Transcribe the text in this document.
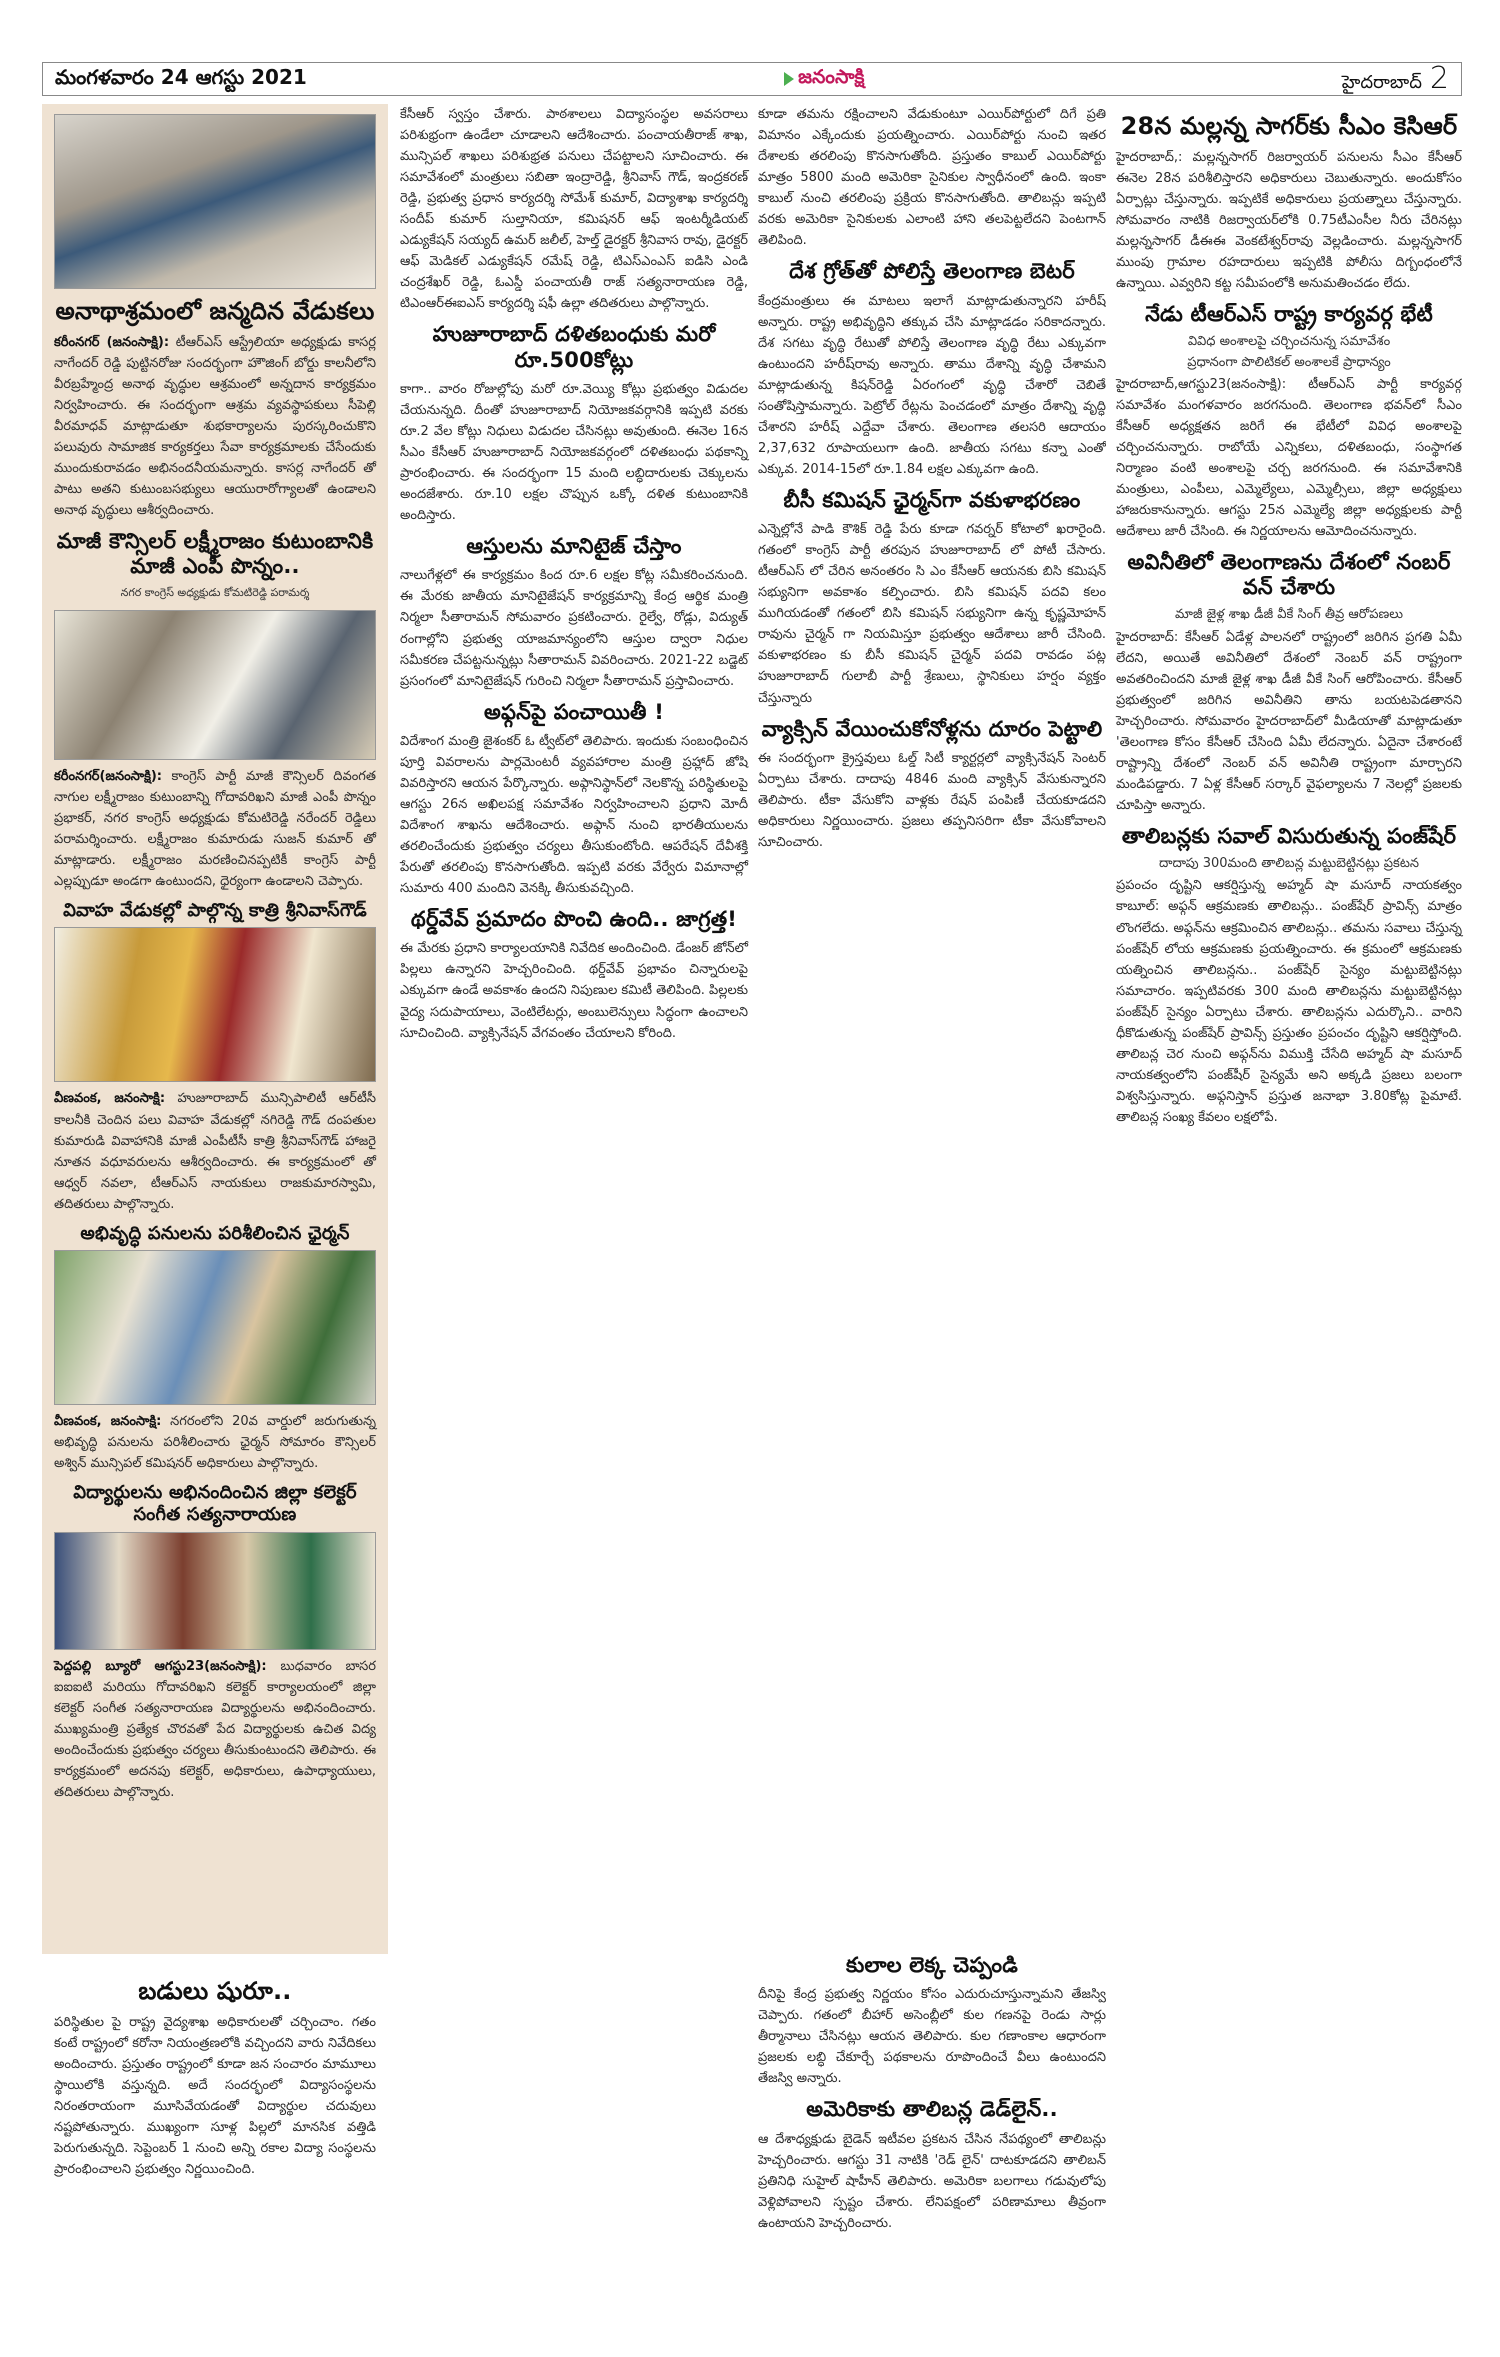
మంగళవారం 24 ఆగస్టు 2021	జనంసాక్షి	హైదరాబాద్ 2
అనాథాశ్రమంలో జన్మదిన వేడుకలు
కరీంనగర్ (జనంసాక్షి): టీఆర్ఎస్ ఆస్ట్రేలియా అధ్యక్షుడు కాసర్ల నాగేందర్ రెడ్డి పుట్టినరోజు సందర్భంగా హౌజింగ్ బోర్డు కాలనీలోని వీరబ్రహ్మేంద్ర అనాథ వృద్ధుల ఆశ్రమంలో అన్నదాన కార్యక్రమం నిర్వహించారు. ఈ సందర్భంగా ఆశ్రమ వ్యవస్థాపకులు సీపెల్లి వీరమాధవ్ మాట్లాడుతూ శుభకార్యాలను పురస్కరించుకొని పలువురు సామాజిక కార్యకర్తలు సేవా కార్యక్రమాలకు చేసేందుకు ముందుకురావడం అభినందనీయమన్నారు. కాసర్ల నాగేందర్ తో పాటు అతని కుటుంబసభ్యులు ఆయురారోగ్యాలతో ఉండాలని అనాథ వృద్ధులు ఆశీర్వదించారు.
మాజీ కౌన్సిలర్ లక్ష్మీరాజం కుటుంబానికి మాజీ ఎంపీ పొన్నం..
నగర కాంగ్రెస్ అధ్యక్షుడు కోమటిరెడ్డి పరామర్శ
కరీంనగర్(జనంసాక్షి): కాంగ్రెస్ పార్టీ మాజీ కౌన్సిలర్ దివంగత నాగుల లక్ష్మీరాజం కుటుంబాన్ని గోదావరిఖని మాజీ ఎంపీ పొన్నం ప్రభాకర్, నగర కాంగ్రెస్ అధ్యక్షుడు కోమటిరెడ్డి నరేందర్ రెడ్డిలు పరామర్శించారు. లక్ష్మీరాజం కుమారుడు సుజన్ కుమార్ తో మాట్లాడారు. లక్ష్మీరాజం మరణించినప్పటికీ కాంగ్రెస్ పార్టీ ఎల్లప్పుడూ అండగా ఉంటుందని, ధైర్యంగా ఉండాలని చెప్పారు.
వివాహ వేడుకల్లో పాల్గొన్న కాత్రి శ్రీనివాస్‌గౌడ్
వీణవంక, జనంసాక్షి: హుజూరాబాద్ మున్సిపాలిటీ ఆర్‌టీసీ కాలనీకి చెందిన పలు వివాహ వేడుకల్లో నగిరెడ్డి గౌడ్ దంపతుల కుమారుడి వివాహానికి మాజీ ఎంపీటీసీ కాత్రి శ్రీనివాస్‌గౌడ్ హాజరై నూతన వధూవరులను ఆశీర్వదించారు. ఈ కార్యక్రమంలో తో ఆధ్వర్ నవలా, టీఆర్ఎస్ నాయకులు రాజకుమారస్వామి, తదితరులు పాల్గొన్నారు.
అభివృద్ధి పనులను పరిశీలించిన ఛైర్మన్
వీణవంక, జనంసాక్షి: నగరంలోని 20వ వార్డులో జరుగుతున్న అభివృద్ధి పనులను పరిశీలించారు ఛైర్మన్ సోమారం కౌన్సిలర్ అశ్విన్ మున్సిపల్ కమిషనర్ అధికారులు పాల్గొన్నారు.
విద్యార్థులను అభినందించిన జిల్లా కలెక్టర్ సంగీత సత్యనారాయణ
పెద్దపల్లి బ్యూరో ఆగస్టు23(జనంసాక్షి): బుధవారం బాసర ఐఐఐటి మరియు గోదావరిఖని కలెక్టర్ కార్యాలయంలో జిల్లా కలెక్టర్ సంగీత సత్యనారాయణ విద్యార్థులను అభినందించారు. ముఖ్యమంత్రి ప్రత్యేక చొరవతో పేద విద్యార్థులకు ఉచిత విద్య అందించేందుకు ప్రభుత్వం చర్యలు తీసుకుంటుందని తెలిపారు. ఈ కార్యక్రమంలో అదనపు కలెక్టర్, అధికారులు, ఉపాధ్యాయులు, తదితరులు పాల్గొన్నారు.
బడులు షురూ..
పరిస్థితుల పై రాష్ట్ర వైద్యశాఖ అధికారులతో చర్చించాం. గతం కంటే రాష్ట్రంలో కరోనా నియంత్రణలోకి వచ్చిందని వారు నివేదికలు అందించారు. ప్రస్తుతం రాష్ట్రంలో కూడా జన సంచారం మామూలు స్థాయిలోకి వస్తున్నది. అదే సందర్భంలో విద్యాసంస్థలను నిరంతరాయంగా మూసివేయడంతో విద్యార్థుల చదువులు నష్టపోతున్నారు. ముఖ్యంగా సూళ్ల పిల్లలో మానసిక వత్తిడి పెరుగుతున్నది. సెప్టెంబర్ 1 నుంచి అన్ని రకాల విద్యా సంస్థలను ప్రారంభించాలని ప్రభుత్వం నిర్ణయించింది.
కేసీఆర్ స్వస్తం చేశారు. పాఠశాలలు విద్యాసంస్థల అవసరాలు పరిశుభ్రంగా ఉండేలా చూడాలని ఆదేశించారు. పంచాయతీరాజ్ శాఖ, మున్సిపల్ శాఖలు పరిశుభ్రత పనులు చేపట్టాలని సూచించారు. ఈ సమావేశంలో మంత్రులు సబితా ఇంద్రారెడ్డి, శ్రీనివాస్ గౌడ్, ఇంద్రకరణ్ రెడ్డి, ప్రభుత్వ ప్రధాన కార్యదర్శి సోమేశ్ కుమార్, విద్యాశాఖ కార్యదర్శి సందీప్ కుమార్ సుల్తానియా, కమిషనర్ ఆఫ్ ఇంటర్మీడియట్ ఎడ్యుకేషన్ సయ్యద్ ఉమర్ జలీల్, హెల్త్ డైరక్టర్ శ్రీనివాస రావు, డైరక్టర్ ఆఫ్ మెడికల్ ఎడ్యుకేషన్ రమేష్ రెడ్డి, టిఎస్ఎంఎస్ ఐడిసి ఎండి చంద్రశేఖర్ రెడ్డి, ఓఎస్డీ పంచాయతీ రాజ్ సత్యనారాయణ రెడ్డి, టిఎంఆర్ఈఐఎస్ కార్యదర్శి షఫీ ఉల్లా తదితరులు పాల్గొన్నారు.
హుజూరాబాద్ దళితబంధుకు మరో రూ.500కోట్లు
కాగా.. వారం రోజుల్లోపు మరో రూ.వెయ్యి కోట్లు ప్రభుత్వం విడుదల చేయనున్నది. దీంతో హుజూరాబాద్ నియోజకవర్గానికి ఇప్పటి వరకు రూ.2 వేల కోట్లు నిధులు విడుదల చేసినట్లు అవుతుంది. ఈనెల 16న సీఎం కేసీఆర్ హుజూరాబాద్ నియోజకవర్గంలో దళితబంధు పథకాన్ని ప్రారంభించారు. ఈ సందర్భంగా 15 మంది లబ్ధిదారులకు చెక్కులను అందజేశారు. రూ.10 లక్షల చొప్పున ఒక్కో దళిత కుటుంబానికి అందిస్తారు.
ఆస్తులను మానిటైజ్ చేస్తాం
నాలుగేళ్లలో ఈ కార్యక్రమం కింద రూ.6 లక్షల కోట్ల సమీకరించనుంది. ఈ మేరకు జాతీయ మానిటైజేషన్ కార్యక్రమాన్ని కేంద్ర ఆర్థిక మంత్రి నిర్మలా సీతారామన్ సోమవారం ప్రకటించారు. రైల్వే, రోడ్లు, విద్యుత్ రంగాల్లోని ప్రభుత్వ యాజమాన్యంలోని ఆస్తుల ద్వారా నిధుల సమీకరణ చేపట్టనున్నట్లు సీతారామన్ వివరించారు. 2021-22 బడ్జెట్ ప్రసంగంలో మానిటైజేషన్ గురించి నిర్మలా సీతారామన్ ప్రస్తావించారు.
అఫ్గన్‌పై పంచాయితీ !
విదేశాంగ మంత్రి జైశంకర్ ఓ ట్వీట్‌లో తెలిపారు. ఇందుకు సంబంధించిన పూర్తి వివరాలను పార్లమెంటరీ వ్యవహారాల మంత్రి ప్రహ్లాద్ జోషి వివరిస్తారని ఆయన పేర్కొన్నారు. అఫ్గానిస్థాన్‌లో నెలకొన్న పరిస్థితులపై ఆగస్టు 26న అఖిలపక్ష సమావేశం నిర్వహించాలని ప్రధాని మోదీ విదేశాంగ శాఖను ఆదేశించారు. అఫ్గాన్ నుంచి భారతీయులను తరలించేందుకు ప్రభుత్వం చర్యలు తీసుకుంటోంది. ఆపరేషన్ దేవీశక్తి పేరుతో తరలింపు కొనసాగుతోంది. ఇప్పటి వరకు వేర్వేరు విమానాల్లో సుమారు 400 మందిని వెనక్కి తీసుకువచ్చింది.
థర్డ్‌వేవ్ ప్రమాదం పొంచి ఉంది.. జాగ్రత్త!
ఈ మేరకు ప్రధాని కార్యాలయానికి నివేదిక అందించింది. డేంజర్ జోన్‌లో పిల్లలు ఉన్నారని హెచ్చరించింది. థర్డ్‌వేవ్ ప్రభావం చిన్నారులపై ఎక్కువగా ఉండే అవకాశం ఉందని నిపుణుల కమిటీ తెలిపింది. పిల్లలకు వైద్య సదుపాయాలు, వెంటిలేటర్లు, అంబులెన్సులు సిద్ధంగా ఉంచాలని సూచించింది. వ్యాక్సినేషన్ వేగవంతం చేయాలని కోరింది.
కులాల లెక్క చెప్పండి
దీనిపై కేంద్ర ప్రభుత్వ నిర్ణయం కోసం ఎదురుచూస్తున్నామని తేజస్వి చెప్పారు. గతంలో బీహార్ అసెంబ్లీలో కుల గణనపై రెండు సార్లు తీర్మానాలు చేసినట్లు ఆయన తెలిపారు. కుల గణాంకాల ఆధారంగా ప్రజలకు లబ్ధి చేకూర్చే పథకాలను రూపొందించే వీలు ఉంటుందని తేజస్వి అన్నారు.
అమెరికాకు తాలిబన్ల డెడ్‌లైన్..
ఆ దేశాధ్యక్షుడు బైడెన్ ఇటీవల ప్రకటన చేసిన నేపథ్యంలో తాలిబన్లు హెచ్చరించారు. ఆగస్టు 31 నాటికి 'రెడ్ లైన్' దాటకూడదని తాలిబన్ ప్రతినిధి సుహైల్ షాహీన్ తెలిపారు. అమెరికా బలగాలు గడువులోపు వెళ్లిపోవాలని స్పష్టం చేశారు. లేనిపక్షంలో పరిణామాలు తీవ్రంగా ఉంటాయని హెచ్చరించారు.
కూడా తమను రక్షించాలని వేడుకుంటూ ఎయిర్‌పోర్టులో దిగే ప్రతి విమానం ఎక్కేందుకు ప్రయత్నించారు. ఎయిర్‌పోర్టు నుంచి ఇతర దేశాలకు తరలింపు కొనసాగుతోంది. ప్రస్తుతం కాబుల్ ఎయిర్‌పోర్టు మాత్రం 5800 మంది అమెరికా సైనికుల స్వాధీనంలో ఉంది. ఇంకా కాబుల్ నుంచి తరలింపు ప్రక్రియ కొనసాగుతోంది. తాలిబన్లు ఇప్పటి వరకు అమెరికా సైనికులకు ఎలాంటి హాని తలపెట్టలేదని పెంటగాన్ తెలిపింది.
దేశ గ్రోత్‌తో పోలిస్తే తెలంగాణ బెటర్
కేంద్రమంత్రులు ఈ మాటలు ఇలాగే మాట్లాడుతున్నారని హరీష్ అన్నారు. రాష్ట్ర అభివృద్ధిని తక్కువ చేసి మాట్లాడడం సరికాదన్నారు. దేశ సగటు వృద్ధి రేటుతో పోలిస్తే తెలంగాణ వృద్ధి రేటు ఎక్కువగా ఉంటుందని హరీష్‌రావు అన్నారు. తాము దేశాన్ని వృద్ధి చేశామని మాట్లాడుతున్న కిషన్‌రెడ్డి ఏరంగంలో వృద్ధి చేశారో చెబితే సంతోషిస్తామన్నారు. పెట్రోల్ రేట్లను పెంచడంలో మాత్రం దేశాన్ని వృద్ధి చేశారని హరీష్ ఎద్దేవా చేశారు. తెలంగాణ తలసరి ఆదాయం 2,37,632 రూపాయలుగా ఉంది. జాతీయ సగటు కన్నా ఎంతో ఎక్కువ. 2014-15లో రూ.1.84 లక్షల ఎక్కువగా ఉంది.
బీసీ కమిషన్ ఛైర్మన్‌గా వకుళాభరణం
ఎన్నెల్లోనే పాడి కౌశిక్ రెడ్డి పేరు కూడా గవర్నర్ కోటాలో ఖరారైంది. గతంలో కాంగ్రెస్ పార్టీ తరపున హుజూరాబాద్ లో పోటీ చేసారు. టీఆర్ఎస్ లో చేరిన అనంతరం సి ఎం కేసీఆర్ ఆయనకు బిసి కమిషన్ సభ్యునిగా అవకాశం కల్పించారు. బిసి కమిషన్ పదవి కలం ముగియడంతో గతంలో బిసి కమిషన్ సభ్యునిగా ఉన్న కృష్ణమోహన్ రావును చైర్మన్ గా నియమిస్తూ ప్రభుత్వం ఆదేశాలు జారీ చేసింది. వకుళాభరణం కు బీసీ కమిషన్ చైర్మన్ పదవి రావడం పట్ల హుజూరాబాద్ గులాబీ పార్టీ శ్రేణులు, స్థానికులు హర్షం వ్యక్తం చేస్తున్నారు
వ్యాక్సిన్ వేయించుకోనోళ్లను దూరం పెట్టాలి
ఈ సందర్భంగా క్రైస్తవులు ఓల్డ్ సిటీ క్యార్టర్లలో వ్యాక్సినేషన్ సెంటర్ ఏర్పాటు చేశారు. దాదాపు 4846 మంది వ్యాక్సిన్ వేసుకున్నారని తెలిపారు. టీకా వేసుకోని వాళ్లకు రేషన్ పంపిణీ చేయకూడదని అధికారులు నిర్ణయించారు. ప్రజలు తప్పనిసరిగా టీకా వేసుకోవాలని సూచించారు.
28న మల్లన్న సాగర్‌కు సీఎం కెసిఆర్
హైదరాబాద్,: మల్లన్నసాగర్ రిజర్వాయర్ పనులను సీఎం కేసీఆర్ ఈనెల 28న పరిశీలిస్తారని అధికారులు చెబుతున్నారు. అందుకోసం ఏర్పాట్లు చేస్తున్నారు. ఇప్పటికే అధికారులు ప్రయత్నాలు చేస్తున్నారు. సోమవారం నాటికి రిజర్వాయర్‌లోకి 0.75టీఎంసీల నీరు చేరినట్లు మల్లన్నసాగర్ డీఈఈ వెంకటేశ్వర్‌రావు వెల్లడించారు. మల్లన్నసాగర్ ముంపు గ్రామాల రహదారులు ఇప్పటికి పోలీసు దిగ్బంధంలోనే ఉన్నాయి. ఎవ్వరిని కట్ట సమీపంలోకి అనుమతించడం లేదు.
నేడు టీఆర్ఎస్ రాష్ట్ర కార్యవర్గ భేటీ
వివిధ అంశాలపై చర్చించనున్న సమావేశం
ప్రధానంగా పొలిటికల్ అంశాలకే ప్రాధాన్యం
హైదరాబాద్,ఆగస్టు23(జనంసాక్షి): టీఆర్ఎస్ పార్టీ కార్యవర్గ సమావేశం మంగళవారం జరగనుంది. తెలంగాణ భవన్‌లో సీఎం కేసీఆర్ అధ్యక్షతన జరిగే ఈ భేటీలో వివిధ అంశాలపై చర్చించనున్నారు. రాబోయే ఎన్నికలు, దళితబంధు, సంస్థాగత నిర్మాణం వంటి అంశాలపై చర్చ జరగనుంది. ఈ సమావేశానికి మంత్రులు, ఎంపీలు, ఎమ్మెల్యేలు, ఎమ్మెల్సీలు, జిల్లా అధ్యక్షులు హాజరుకానున్నారు. ఆగస్టు 25న ఎమ్మెల్యే జిల్లా అధ్యక్షులకు పార్టీ ఆదేశాలు జారీ చేసింది. ఈ నిర్ణయాలను ఆమోదించనున్నారు.
అవినీతిలో తెలంగాణను దేశంలో నంబర్ వన్ చేశారు
మాజీ జైళ్ల శాఖ డీజీ వీకే సింగ్ తీవ్ర ఆరోపణలు
హైదరాబాద్: కేసీఆర్ ఏడేళ్ల పాలనలో రాష్ట్రంలో జరిగిన ప్రగతి ఏమీ లేదని, అయితే అవినీతిలో దేశంలో నెంబర్ వన్ రాష్ట్రంగా అవతరించిందని మాజీ జైళ్ల శాఖ డీజీ వీకే సింగ్ ఆరోపించారు. కేసీఆర్ ప్రభుత్వంలో జరిగిన అవినీతిని తాను బయటపెడతానని హెచ్చరించారు. సోమవారం హైదరాబాద్‌లో మీడియాతో మాట్లాడుతూ 'తెలంగాణ కోసం కేసీఆర్ చేసింది ఏమీ లేదన్నారు. ఏదైనా చేశారంటే రాష్ట్రాన్ని దేశంలో నెంబర్ వన్ అవినీతి రాష్ట్రంగా మార్చారని మండిపడ్డారు. 7 ఏళ్ల కేసీఆర్ సర్కార్ వైఫల్యాలను 7 నెలల్లో ప్రజలకు చూపిస్తా అన్నారు.
తాలిబన్లకు సవాల్ విసురుతున్న పంజ్‌షేర్
దాదాపు 300మంది తాలిబన్ల మట్టుబెట్టినట్లు ప్రకటన
ప్రపంచం దృష్టిని ఆకర్షిస్తున్న అహ్మద్ షా మసూద్ నాయకత్వం కాబూల్: అఫ్గన్ ఆక్రమణకు తాలిబన్లు.. పంజ్‌షేర్ ప్రావిన్స్ మాత్రం లొంగలేదు. అఫ్గన్‌ను ఆక్రమించిన తాలిబన్లు.. తమను సవాలు చేస్తున్న పంజ్‌షేర్ లోయ ఆక్రమణకు ప్రయత్నించారు. ఈ క్రమంలో ఆక్రమణకు యత్నించిన తాలిబన్లను.. పంజ్‌షేర్ సైన్యం మట్టుబెట్టినట్లు సమాచారం. ఇప్పటివరకు 300 మంది తాలిబన్లను మట్టుబెట్టినట్లు పంజ్‌షేర్ సైన్యం ఏర్పాటు చేశారు. తాలిబన్లను ఎదుర్కొని.. వారిని ధీకొడుతున్న పంజ్‌షేర్ ప్రావిన్స్ ప్రస్తుతం ప్రపంచం దృష్టిని ఆకర్షిస్తోంది. తాలిబన్ల చెర నుంచి అఫ్గన్‌ను విముక్తి చేసేది అహ్మద్ షా మసూద్ నాయకత్వంలోని పంజ్‌షీర్ సైన్యమే అని అక్కడి ప్రజలు బలంగా విశ్వసిస్తున్నారు. అఫ్గనిస్తాన్ ప్రస్తుత జనాభా 3.80కోట్ల పైమాటే. తాలిబన్ల సంఖ్య కేవలం లక్షలోపే.
